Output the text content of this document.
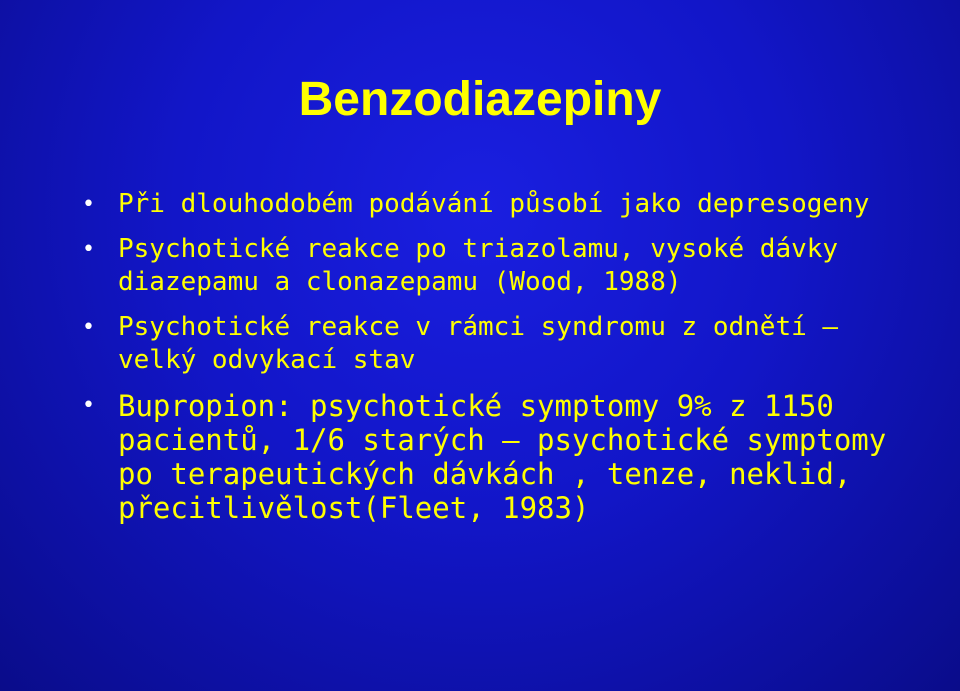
Benzodiazepiny
• Při dlouhodobém podávání působí jako depresogeny
• Psychotické reakce po triazolamu, vysoké dávky diazepamu a clonazepamu (Wood, 1988)
• Psychotické reakce v rámci syndromu z odnětí – velký odvykací stav
• Bupropion: psychotické symptomy 9% z 1150 pacientů, 1/6 starých – psychotické symptomy po terapeutických dávkách , tenze, neklid, přecitlivělost(Fleet, 1983)
